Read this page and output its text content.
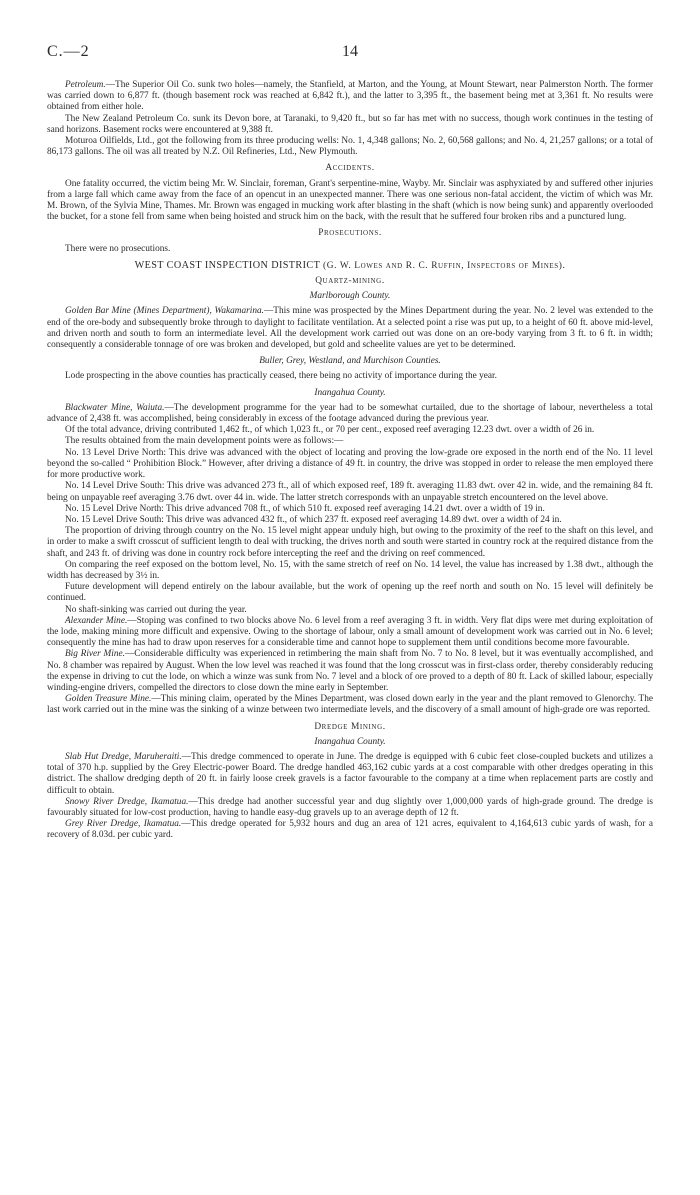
C.—2	14

Petroleum.—The Superior Oil Co. sunk two holes—namely, the Stanfield, at Marton, and the Young, at Mount Stewart, near Palmerston North. The former was carried down to 6,877 ft. (though basement rock was reached at 6,842 ft.), and the latter to 3,395 ft., the basement being met at 3,361 ft. No results were obtained from either hole.

The New Zealand Petroleum Co. sunk its Devon bore, at Taranaki, to 9,420 ft., but so far has met with no success, though work continues in the testing of sand horizons. Basement rocks were encountered at 9,388 ft.

Moturoa Oilfields, Ltd., got the following from its three producing wells: No. 1, 4,348 gallons; No. 2, 60,568 gallons; and No. 4, 21,257 gallons; or a total of 86,173 gallons. The oil was all treated by N.Z. Oil Refineries, Ltd., New Plymouth.

Accidents.

One fatality occurred, the victim being Mr. W. Sinclair, foreman, Grant's serpentine-mine, Wayby. Mr. Sinclair was asphyxiated by and suffered other injuries from a large fall which came away from the face of an opencut in an unexpected manner. There was one serious non-fatal accident, the victim of which was Mr. M. Brown, of the Sylvia Mine, Thames. Mr. Brown was engaged in mucking work after blasting in the shaft (which is now being sunk) and apparently overlooded the bucket, for a stone fell from same when being hoisted and struck him on the back, with the result that he suffered four broken ribs and a punctured lung.

Prosecutions.

There were no prosecutions.

WEST COAST INSPECTION DISTRICT (G. W. Lowes and R. C. Ruffin, Inspectors of Mines).
Quartz-mining.
Marlborough County.

Golden Bar Mine (Mines Department), Wakamarina.—This mine was prospected by the Mines Department during the year. No. 2 level was extended to the end of the ore-body and subsequently broke through to daylight to facilitate ventilation. At a selected point a rise was put up, to a height of 60 ft. above mid-level, and driven north and south to form an intermediate level. All the development work carried out was done on an ore-body varying from 3 ft. to 6 ft. in width; consequently a considerable tonnage of ore was broken and developed, but gold and scheelite values are yet to be determined.

Buller, Grey, Westland, and Murchison Counties.

Lode prospecting in the above counties has practically ceased, there being no activity of importance during the year.

Inangahua County.

Blackwater Mine, Waiuta.—The development programme for the year had to be somewhat curtailed, due to the shortage of labour, nevertheless a total advance of 2,438 ft. was accomplished, being considerably in excess of the footage advanced during the previous year.

Of the total advance, driving contributed 1,462 ft., of which 1,023 ft., or 70 per cent., exposed reef averaging 12.23 dwt. over a width of 26 in.

The results obtained from the main development points were as follows:—

No. 13 Level Drive North: This drive was advanced with the object of locating and proving the low-grade ore exposed in the north end of the No. 11 level beyond the so-called “ Prohibition Block.” However, after driving a distance of 49 ft. in country, the drive was stopped in order to release the men employed there for more productive work.

No. 14 Level Drive South: This drive was advanced 273 ft., all of which exposed reef, 189 ft. averaging 11.83 dwt. over 42 in. wide, and the remaining 84 ft. being on unpayable reef averaging 3.76 dwt. over 44 in. wide. The latter stretch corresponds with an unpayable stretch encountered on the level above.

No. 15 Level Drive North: This drive advanced 708 ft., of which 510 ft. exposed reef averaging 14.21 dwt. over a width of 19 in.

No. 15 Level Drive South: This drive was advanced 432 ft., of which 237 ft. exposed reef averaging 14.89 dwt. over a width of 24 in.

The proportion of driving through country on the No. 15 level might appear unduly high, but owing to the proximity of the reef to the shaft on this level, and in order to make a swift crosscut of sufficient length to deal with trucking, the drives north and south were started in country rock at the required distance from the shaft, and 243 ft. of driving was done in country rock before intercepting the reef and the driving on reef commenced.

On comparing the reef exposed on the bottom level, No. 15, with the same stretch of reef on No. 14 level, the value has increased by 1.38 dwt., although the width has decreased by 3½ in.

Future development will depend entirely on the labour available, but the work of opening up the reef north and south on No. 15 level will definitely be continued.

No shaft-sinking was carried out during the year.

Alexander Mine.—Stoping was confined to two blocks above No. 6 level from a reef averaging 3 ft. in width. Very flat dips were met during exploitation of the lode, making mining more difficult and expensive. Owing to the shortage of labour, only a small amount of development work was carried out in No. 6 level; consequently the mine has had to draw upon reserves for a considerable time and cannot hope to supplement them until conditions become more favourable.

Big River Mine.—Considerable difficulty was experienced in retimbering the main shaft from No. 7 to No. 8 level, but it was eventually accomplished, and No. 8 chamber was repaired by August. When the low level was reached it was found that the long crosscut was in first-class order, thereby considerably reducing the expense in driving to cut the lode, on which a winze was sunk from No. 7 level and a block of ore proved to a depth of 80 ft. Lack of skilled labour, especially winding-engine drivers, compelled the directors to close down the mine early in September.

Golden Treasure Mine.—This mining claim, operated by the Mines Department, was closed down early in the year and the plant removed to Glenorchy. The last work carried out in the mine was the sinking of a winze between two intermediate levels, and the discovery of a small amount of high-grade ore was reported.

Dredge Mining.
Inangahua County.

Slab Hut Dredge, Maruheraiti.—This dredge commenced to operate in June. The dredge is equipped with 6 cubic feet close-coupled buckets and utilizes a total of 370 h.p. supplied by the Grey Electric-power Board. The dredge handled 463,162 cubic yards at a cost comparable with other dredges operating in this district. The shallow dredging depth of 20 ft. in fairly loose creek gravels is a factor favourable to the company at a time when replacement parts are costly and difficult to obtain.

Snowy River Dredge, Ikamatua.—This dredge had another successful year and dug slightly over 1,000,000 yards of high-grade ground. The dredge is favourably situated for low-cost production, having to handle easy-dug gravels up to an average depth of 12 ft.

Grey River Dredge, Ikamatua.—This dredge operated for 5,932 hours and dug an area of 121 acres, equivalent to 4,164,613 cubic yards of wash, for a recovery of 8.03d. per cubic yard.
